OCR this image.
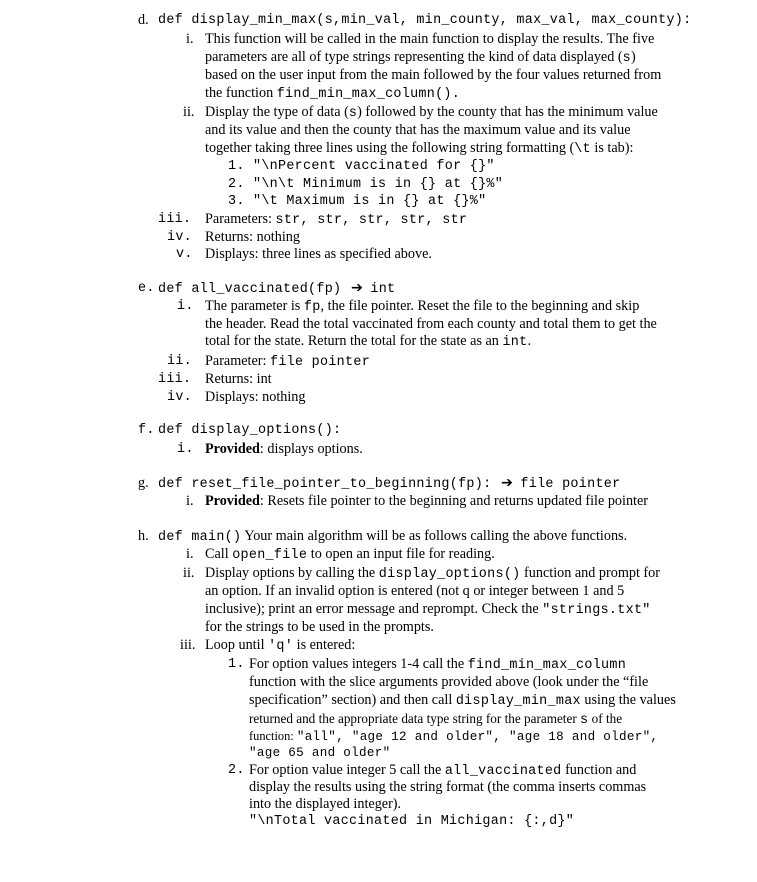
d. def display_min_max(s,min_val, min_county, max_val, max_county):
i. This function will be called in the main function to display the results. The five
parameters are all of type strings representing the kind of data displayed (s)
based on the user input from the main followed by the four values returned from
the function find_min_max_column().
ii. Display the type of data (s) followed by the county that has the minimum value
and its value and then the county that has the maximum value and its value
together taking three lines using the following string formatting (\t is tab):
1. "\nPercent vaccinated for {}"
2. "\n\t Minimum is in {} at {}%"
3. "\t Maximum is in {} at {}%"
iii. Parameters: str, str, str, str, str
iv. Returns: nothing
v. Displays: three lines as specified above.
e. def all_vaccinated(fp) ➔ int
i. The parameter is fp, the file pointer. Reset the file to the beginning and skip
the header. Read the total vaccinated from each county and total them to get the
total for the state. Return the total for the state as an int.
ii. Parameter: file pointer
iii. Returns: int
iv. Displays: nothing
f. def display_options():
i. Provided: displays options.
g. def reset_file_pointer_to_beginning(fp): ➔ file pointer
i. Provided: Resets file pointer to the beginning and returns updated file pointer
h. def main() Your main algorithm will be as follows calling the above functions.
i. Call open_file to open an input file for reading.
ii. Display options by calling the display_options() function and prompt for
an option. If an invalid option is entered (not q or integer between 1 and 5
inclusive); print an error message and reprompt. Check the "strings.txt"
for the strings to be used in the prompts.
iii. Loop until 'q' is entered:
1. For option values integers 1-4 call the find_min_max_column
function with the slice arguments provided above (look under the “file
specification” section) and then call display_min_max using the values
returned and the appropriate data type string for the parameter s of the
function: "all", "age 12 and older", "age 18 and older",
"age 65 and older"
2. For option value integer 5 call the all_vaccinated function and
display the results using the string format (the comma inserts commas
into the displayed integer).
"\nTotal vaccinated in Michigan: {:,d}"
